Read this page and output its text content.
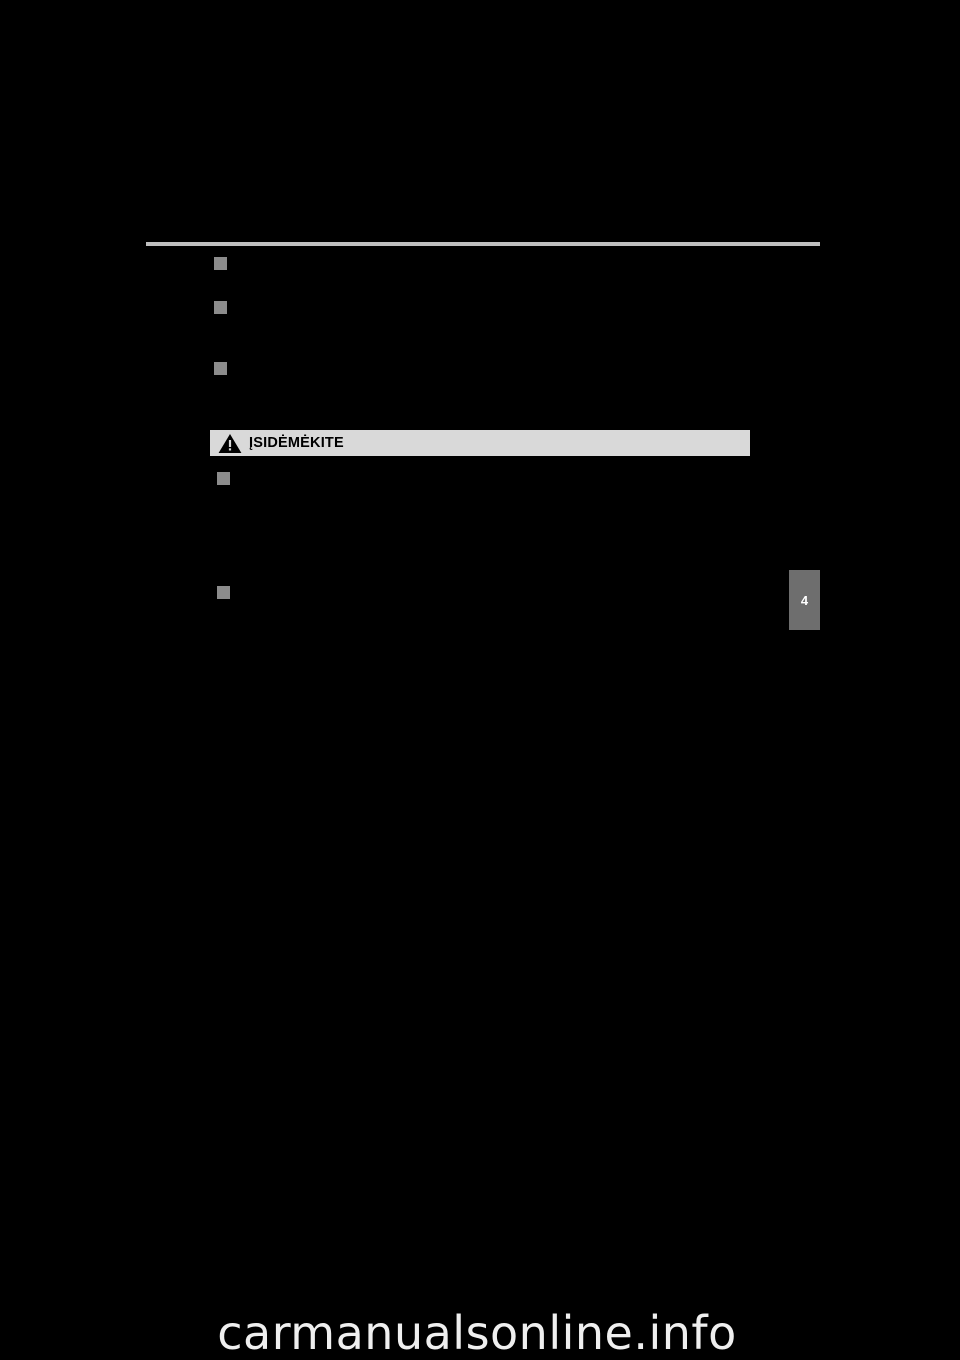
ĮSIDĖMĖKITE
4
carmanualsonline.info
